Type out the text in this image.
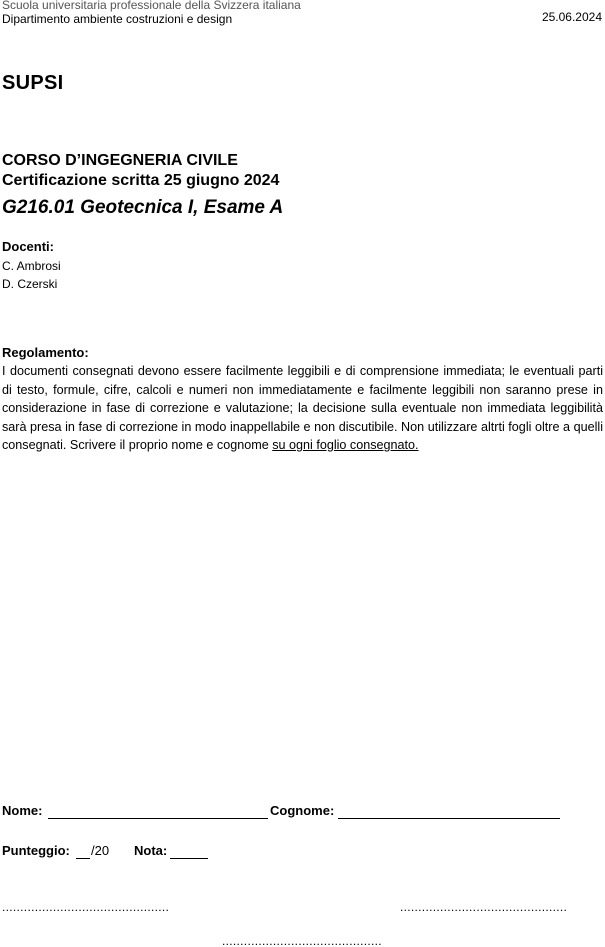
Scuola universitaria professionale della Svizzera italiana
Dipartimento ambiente costruzioni e design	25.06.2024
SUPSI
CORSO D’INGEGNERIA CIVILE
Certificazione scritta 25 giugno 2024
G216.01 Geotecnica I, Esame A
Docenti:
C. Ambrosi
D. Czerski
Regolamento:
I documenti consegnati devono essere facilmente leggibili e di comprensione immediata; le eventuali parti di testo, formule, cifre, calcoli e numeri non immediatamente e facilmente leggibili non saranno prese in considerazione in fase di correzione e valutazione; la decisione sulla eventuale non immediata leggibilità sarà presa in fase di correzione in modo inappellabile e non discutibile. Non utilizzare altrti fogli oltre a quelli consegnati. Scrivere il proprio nome e cognome su ogni foglio consegnato.
Nome:	Cognome:
Punteggio: /20 Nota:
..............................................	..............................................
............................................
